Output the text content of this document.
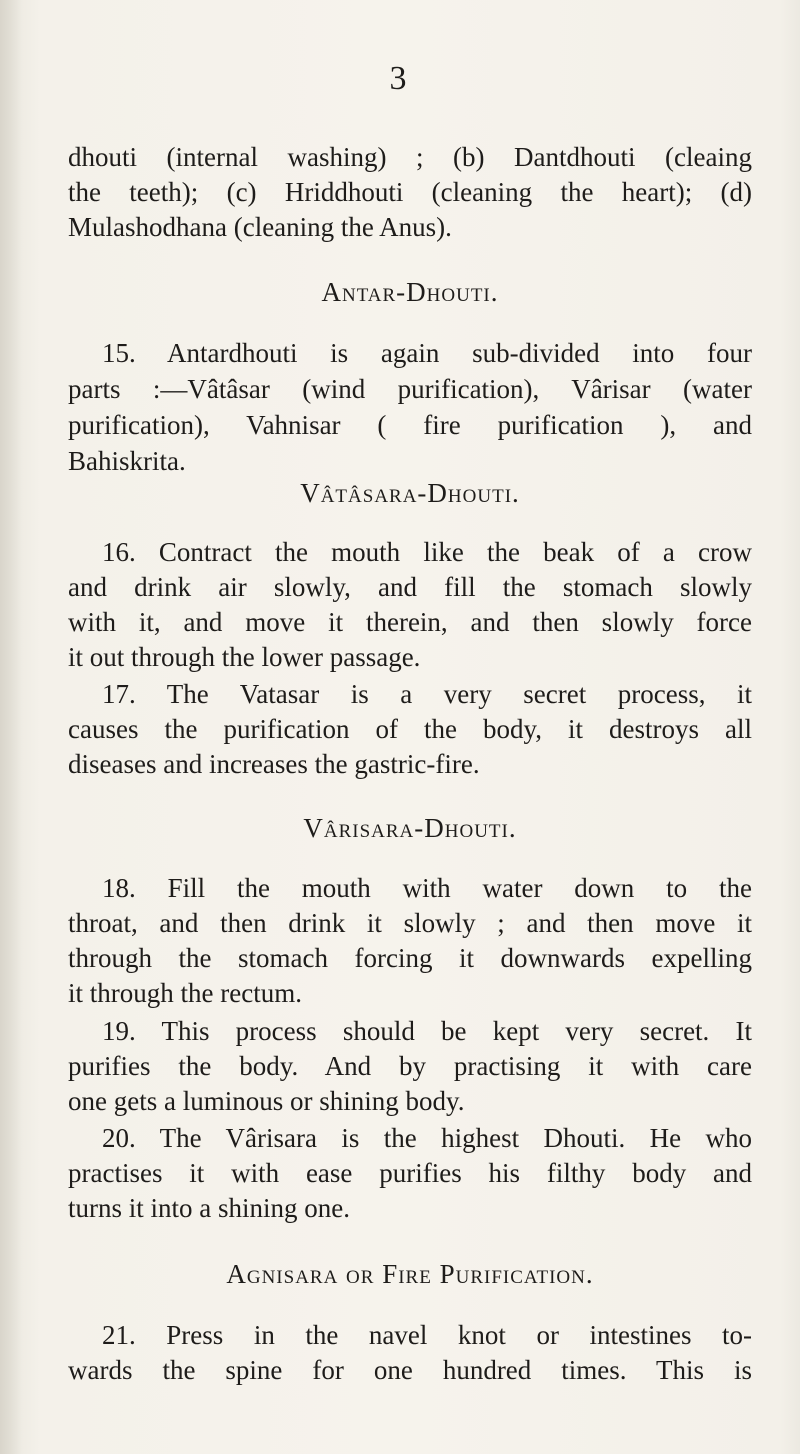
3
dhouti (internal washing) ; (b) Dantdhouti (cleaing
the teeth); (c) Hriddhouti (cleaning the heart); (d)
Mulashodhana (cleaning the Anus).
Antar-Dhouti.
15. Antardhouti is again sub-divided into four
parts :—Vâtâsar (wind purification), Vârisar (water
purification), Vahnisar ( fire purification ), and
Bahiskrita.
Vâtâsara-Dhouti.
16. Contract the mouth like the beak of a crow
and drink air slowly, and fill the stomach slowly
with it, and move it therein, and then slowly force
it out through the lower passage.
17. The Vatasar is a very secret process, it
causes the purification of the body, it destroys all
diseases and increases the gastric-fire.
Vârisara-Dhouti.
18. Fill the mouth with water down to the
throat, and then drink it slowly ; and then move it
through the stomach forcing it downwards expelling
it through the rectum.
19. This process should be kept very secret. It
purifies the body. And by practising it with care
one gets a luminous or shining body.
20. The Vârisara is the highest Dhouti. He who
practises it with ease purifies his filthy body and
turns it into a shining one.
Agnisara or Fire Purification.
21. Press in the navel knot or intestines to-
wards the spine for one hundred times. This is
